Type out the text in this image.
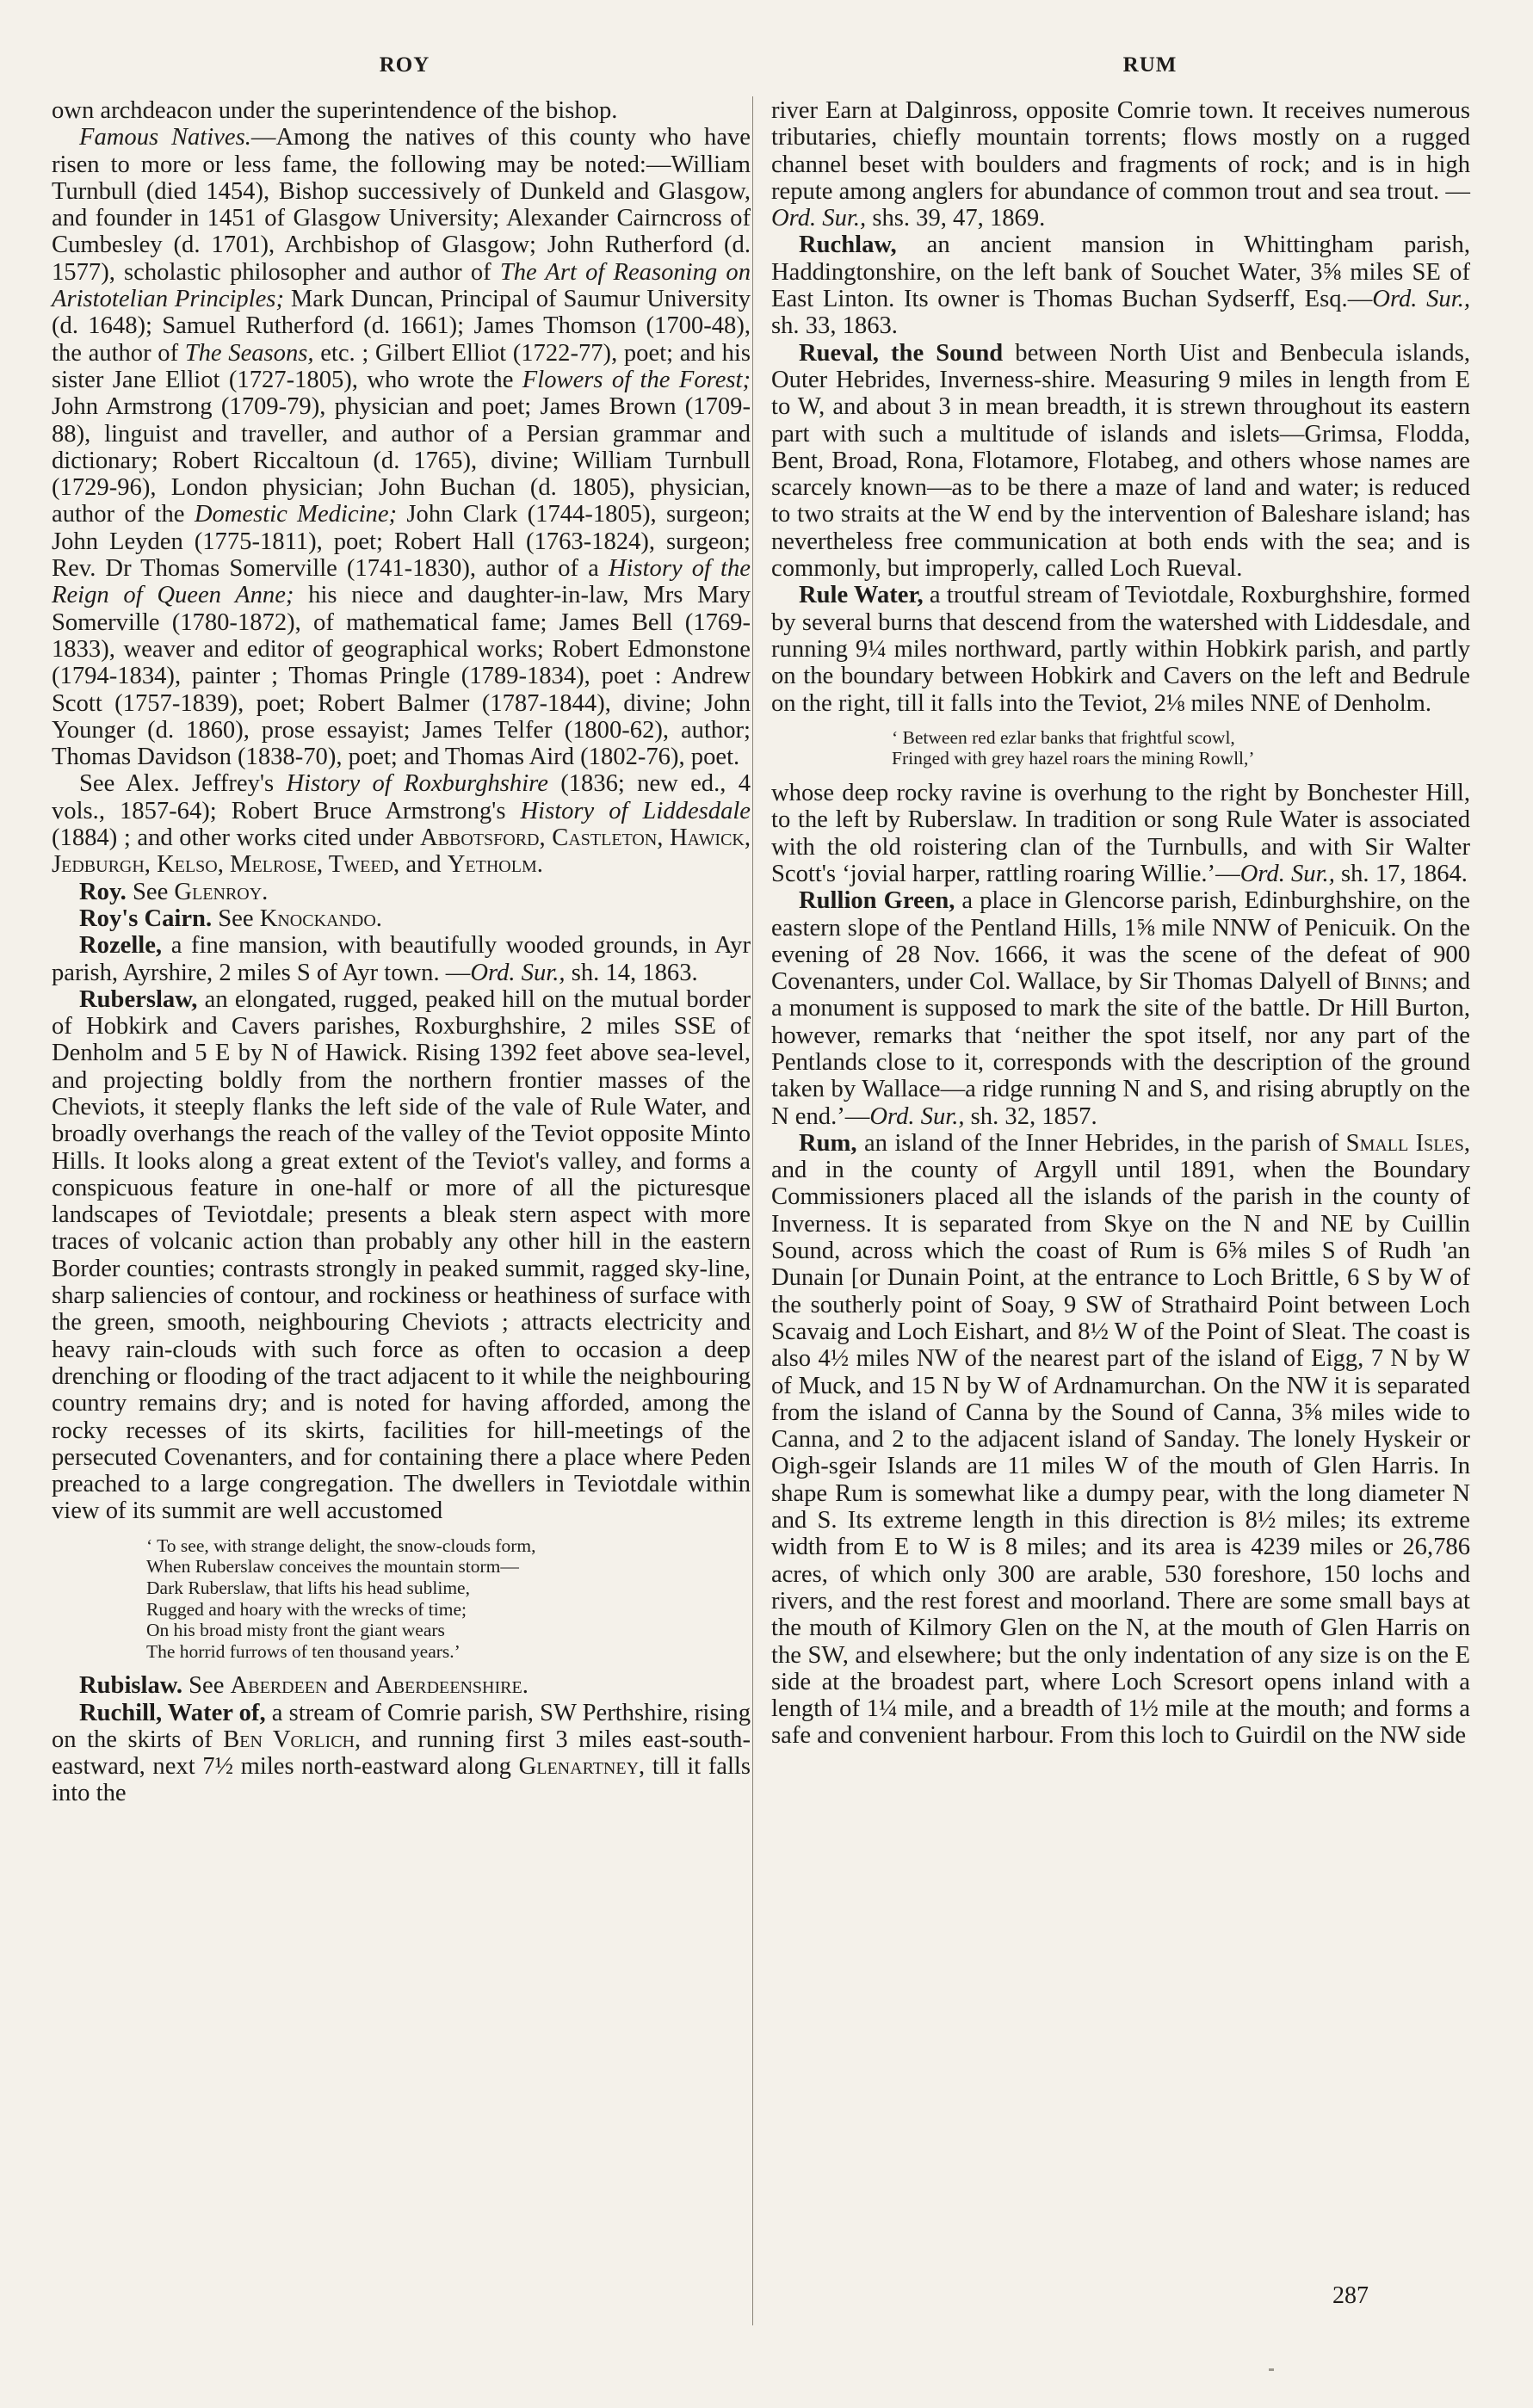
ROY	RUM

own archdeacon under the superintendence of the bishop.

Famous Natives.—Among the natives of this county who have risen to more or less fame, the following may be noted:—William Turnbull (died 1454), Bishop successively of Dunkeld and Glasgow, and founder in 1451 of Glasgow University; Alexander Cairncross of Cumbesley (d. 1701), Archbishop of Glasgow; John Rutherford (d. 1577), scholastic philosopher and author of The Art of Reasoning on Aristotelian Principles; Mark Duncan, Principal of Saumur University (d. 1648); Samuel Rutherford (d. 1661); James Thomson (1700-48), the author of The Seasons, etc. ; Gilbert Elliot (1722-77), poet; and his sister Jane Elliot (1727-1805), who wrote the Flowers of the Forest; John Armstrong (1709-79), physician and poet; James Brown (1709-88), linguist and traveller, and author of a Persian grammar and dictionary; Robert Riccaltoun (d. 1765), divine; William Turnbull (1729-96), London physician; John Buchan (d. 1805), physician, author of the Domestic Medicine; John Clark (1744-1805), surgeon; John Leyden (1775-1811), poet; Robert Hall (1763-1824), surgeon; Rev. Dr Thomas Somerville (1741-1830), author of a History of the Reign of Queen Anne; his niece and daughter-in-law, Mrs Mary Somerville (1780-1872), of mathematical fame; James Bell (1769-1833), weaver and editor of geographical works; Robert Edmonstone (1794-1834), painter ; Thomas Pringle (1789-1834), poet : Andrew Scott (1757-1839), poet; Robert Balmer (1787-1844), divine; John Younger (d. 1860), prose essayist; James Telfer (1800-62), author; Thomas Davidson (1838-70), poet; and Thomas Aird (1802-76), poet.

See Alex. Jeffrey's History of Roxburghshire (1836; new ed., 4 vols., 1857-64); Robert Bruce Armstrong's History of Liddesdale (1884) ; and other works cited under Abbotsford, Castleton, Hawick, Jedburgh, Kelso, Melrose, Tweed, and Yetholm.

Roy. See Glenroy.

Roy's Cairn. See Knockando.

Rozelle, a fine mansion, with beautifully wooded grounds, in Ayr parish, Ayrshire, 2 miles S of Ayr town. —Ord. Sur., sh. 14, 1863.

Ruberslaw, an elongated, rugged, peaked hill on the mutual border of Hobkirk and Cavers parishes, Roxburghshire, 2 miles SSE of Denholm and 5 E by N of Hawick. Rising 1392 feet above sea-level, and projecting boldly from the northern frontier masses of the Cheviots, it steeply flanks the left side of the vale of Rule Water, and broadly overhangs the reach of the valley of the Teviot opposite Minto Hills. It looks along a great extent of the Teviot's valley, and forms a conspicuous feature in one-half or more of all the picturesque landscapes of Teviotdale; presents a bleak stern aspect with more traces of volcanic action than probably any other hill in the eastern Border counties; contrasts strongly in peaked summit, ragged sky-line, sharp saliencies of contour, and rockiness or heathiness of surface with the green, smooth, neighbouring Cheviots ; attracts electricity and heavy rain-clouds with such force as often to occasion a deep drenching or flooding of the tract adjacent to it while the neighbouring country remains dry; and is noted for having afforded, among the rocky recesses of its skirts, facilities for hill-meetings of the persecuted Covenanters, and for containing there a place where Peden preached to a large congregation. The dwellers in Teviotdale within view of its summit are well accustomed

‘ To see, with strange delight, the snow-clouds form,
When Ruberslaw conceives the mountain storm—
Dark Ruberslaw, that lifts his head sublime,
Rugged and hoary with the wrecks of time;
On his broad misty front the giant wears
The horrid furrows of ten thousand years.’

Rubislaw. See Aberdeen and Aberdeenshire.

Ruchill, Water of, a stream of Comrie parish, SW Perthshire, rising on the skirts of Ben Vorlich, and running first 3 miles east-south-eastward, next 7½ miles north-eastward along Glenartney, till it falls into the

river Earn at Dalginross, opposite Comrie town. It receives numerous tributaries, chiefly mountain torrents; flows mostly on a rugged channel beset with boulders and fragments of rock; and is in high repute among anglers for abundance of common trout and sea trout. —Ord. Sur., shs. 39, 47, 1869.

Ruchlaw, an ancient mansion in Whittingham parish, Haddingtonshire, on the left bank of Souchet Water, 3⅝ miles SE of East Linton. Its owner is Thomas Buchan Sydserff, Esq.—Ord. Sur., sh. 33, 1863.

Rueval, the Sound between North Uist and Benbecula islands, Outer Hebrides, Inverness-shire. Measuring 9 miles in length from E to W, and about 3 in mean breadth, it is strewn throughout its eastern part with such a multitude of islands and islets—Grimsa, Flodda, Bent, Broad, Rona, Flotamore, Flotabeg, and others whose names are scarcely known—as to be there a maze of land and water; is reduced to two straits at the W end by the intervention of Baleshare island; has nevertheless free communication at both ends with the sea; and is commonly, but improperly, called Loch Rueval.

Rule Water, a troutful stream of Teviotdale, Roxburghshire, formed by several burns that descend from the watershed with Liddesdale, and running 9¼ miles northward, partly within Hobkirk parish, and partly on the boundary between Hobkirk and Cavers on the left and Bedrule on the right, till it falls into the Teviot, 2⅛ miles NNE of Denholm.

‘ Between red ezlar banks that frightful scowl,
Fringed with grey hazel roars the mining Rowll,’

whose deep rocky ravine is overhung to the right by Bonchester Hill, to the left by Ruberslaw. In tradition or song Rule Water is associated with the old roistering clan of the Turnbulls, and with Sir Walter Scott's ‘jovial harper, rattling roaring Willie.’—Ord. Sur., sh. 17, 1864.

Rullion Green, a place in Glencorse parish, Edinburghshire, on the eastern slope of the Pentland Hills, 1⅝ mile NNW of Penicuik. On the evening of 28 Nov. 1666, it was the scene of the defeat of 900 Covenanters, under Col. Wallace, by Sir Thomas Dalyell of Binns; and a monument is supposed to mark the site of the battle. Dr Hill Burton, however, remarks that ‘neither the spot itself, nor any part of the Pentlands close to it, corresponds with the description of the ground taken by Wallace—a ridge running N and S, and rising abruptly on the N end.’—Ord. Sur., sh. 32, 1857.

Rum, an island of the Inner Hebrides, in the parish of Small Isles, and in the county of Argyll until 1891, when the Boundary Commissioners placed all the islands of the parish in the county of Inverness. It is separated from Skye on the N and NE by Cuillin Sound, across which the coast of Rum is 6⅝ miles S of Rudh 'an Dunain [or Dunain Point, at the entrance to Loch Brittle, 6 S by W of the southerly point of Soay, 9 SW of Strathaird Point between Loch Scavaig and Loch Eishart, and 8½ W of the Point of Sleat. The coast is also 4½ miles NW of the nearest part of the island of Eigg, 7 N by W of Muck, and 15 N by W of Ardnamurchan. On the NW it is separated from the island of Canna by the Sound of Canna, 3⅝ miles wide to Canna, and 2 to the adjacent island of Sanday. The lonely Hyskeir or Oigh-sgeir Islands are 11 miles W of the mouth of Glen Harris. In shape Rum is somewhat like a dumpy pear, with the long diameter N and S. Its extreme length in this direction is 8½ miles; its extreme width from E to W is 8 miles; and its area is 4239 miles or 26,786 acres, of which only 300 are arable, 530 foreshore, 150 lochs and rivers, and the rest forest and moorland. There are some small bays at the mouth of Kilmory Glen on the N, at the mouth of Glen Harris on the SW, and elsewhere; but the only indentation of any size is on the E side at the broadest part, where Loch Scresort opens inland with a length of 1¼ mile, and a breadth of 1½ mile at the mouth; and forms a safe and convenient harbour. From this loch to Guirdil on the NW side

287
